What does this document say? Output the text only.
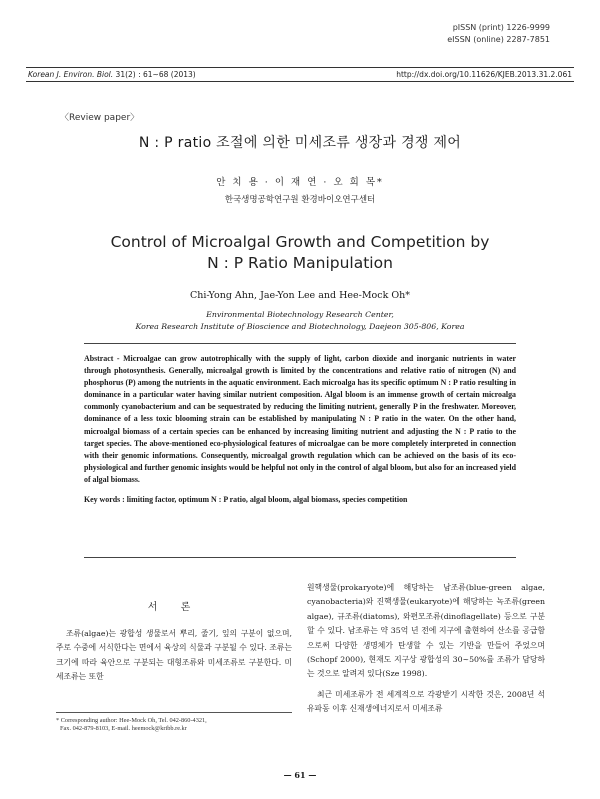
pISSN (print) 1226-9999
eISSN (online) 2287-7851
Korean J. Environ. Biol. 31(2) : 61~68 (2013)	http://dx.doi.org/10.11626/KJEB.2013.31.2.061
〈Review paper〉
N : P ratio 조절에 의한 미세조류 생장과 경쟁 제어
안 치 용 · 이 재 연 · 오 희 목*
한국생명공학연구원 환경바이오연구센터
Control of Microalgal Growth and Competition by
N : P Ratio Manipulation
Chi-Yong Ahn, Jae-Yon Lee and Hee-Mock Oh*
Environmental Biotechnology Research Center,
Korea Research Institute of Bioscience and Biotechnology, Daejeon 305-806, Korea

Abstract - Microalgae can grow autotrophically with the supply of light, carbon dioxide and inorganic nutrients in water through photosynthesis. Generally, microalgal growth is limited by the concentrations and relative ratio of nitrogen (N) and phosphorus (P) among the nutrients in the aquatic environment. Each microalga has its specific optimum N : P ratio resulting in dominance in a particular water having similar nutrient composition. Algal bloom is an immense growth of certain microalga commonly cyanobacterium and can be sequestrated by reducing the limiting nutrient, generally P in the freshwater. Moreover, dominance of a less toxic blooming strain can be established by manipulating N : P ratio in the water. On the other hand, microalgal biomass of a certain species can be enhanced by increasing limiting nutrient and adjusting the N : P ratio to the target species. The above-mentioned eco-physiological features of microalgae can be more completely interpreted in connection with their genomic informations. Consequently, microalgal growth regulation which can be achieved on the basis of its eco-physiological and further genomic insights would be helpful not only in the control of algal bloom, but also for an increased yield of algal biomass.

Key words : limiting factor, optimum N : P ratio, algal bloom, algal biomass, species competition

서 론

조류(algae)는 광합성 생물로서 뿌리, 줄기, 잎의 구분이 없으며, 주로 수중에 서식한다는 면에서 육상의 식물과 구분될 수 있다. 조류는 크기에 따라 육안으로 구분되는 대형조류와 미세조류로 구분한다. 미세조류는 또한

원핵생물(prokaryote)에 해당하는 남조류(blue-green algae, cyanobacteria)와 진핵생물(eukaryote)에 해당하는 녹조류(green algae), 규조류(diatoms), 와편모조류(dinoflagellate) 등으로 구분할 수 있다. 남조류는 약 35억 년 전에 지구에 출현하여 산소를 공급함으로써 다양한 생명체가 탄생할 수 있는 기반을 만들어 주었으며(Schopf 2000), 현재도 지구상 광합성의 30~50%를 조류가 담당하는 것으로 알려져 있다(Sze 1998).

최근 미세조류가 전 세계적으로 각광받기 시작한 것은, 2008년 석유파동 이후 신재생에너지로서 미세조류

* Corresponding author: Hee-Mock Oh, Tel. 042-860-4321,
Fax. 042-879-8103, E-mail. heemock@kribb.re.kr
— 61 —
